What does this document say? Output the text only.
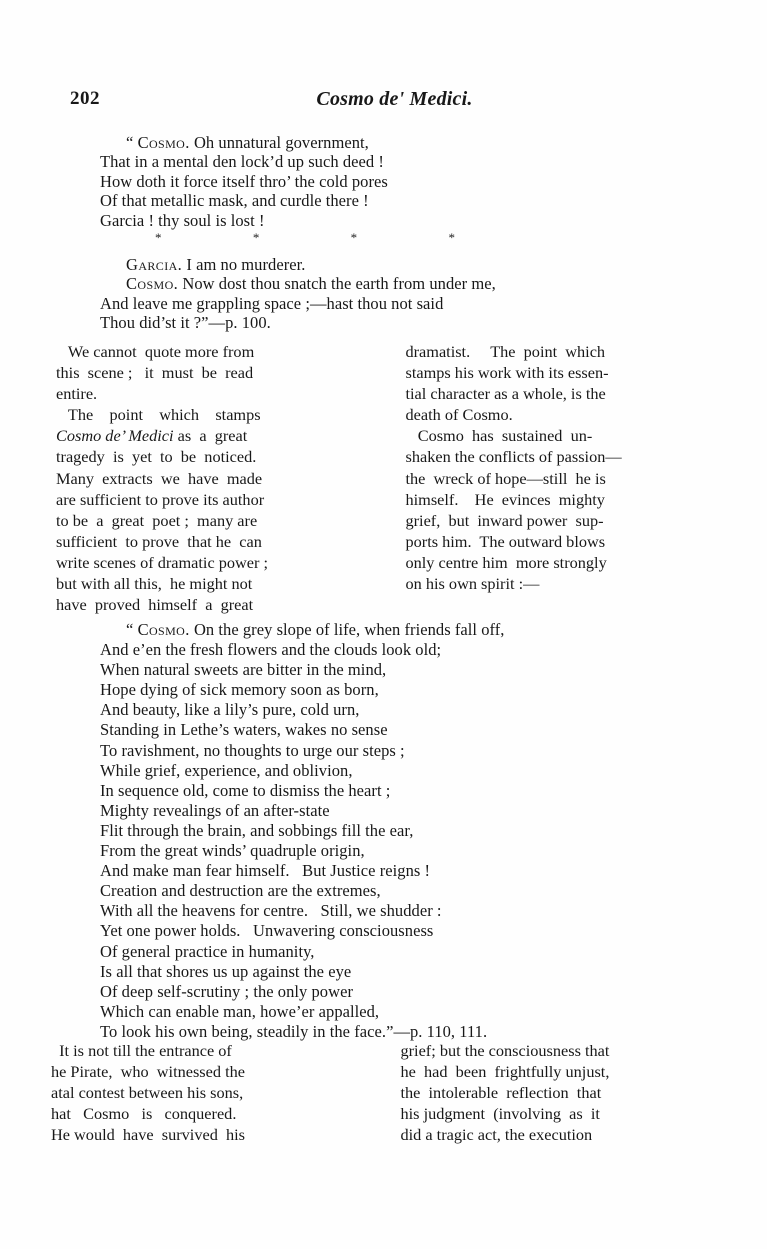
202	Cosmo de' Medici.
“ Cosmo. Oh unnatural government,
That in a mental den lock’d up such deed !
How doth it force itself thro’ the cold pores
Of that metallic mask, and curdle there !
Garcia ! thy soul is lost !
*	*	*	*
Garcia. I am no murderer.
Cosmo. Now dost thou snatch the earth from under me,
And leave me grappling space ;—hast thou not said
Thou did’st it ?”—p. 100.
We cannot  quote more from
this  scene ;   it  must  be  read
entire.
The    point    which    stamps
Cosmo de’ Medici as  a  great
tragedy  is  yet  to  be  noticed.
Many  extracts  we  have  made
are sufficient to prove its author
to be  a  great  poet ;  many are
sufficient  to prove  that he  can
write scenes of dramatic power ;
but with all this,  he might not
have  proved  himself  a  great
dramatist.     The  point  which
stamps his work with its essen-
tial character as a whole, is the
death of Cosmo.
Cosmo  has  sustained  un-
shaken the conflicts of passion—
the  wreck of hope—still  he is
himself.    He  evinces  mighty
grief,  but  inward power  sup-
ports him.  The outward blows
only centre him  more strongly
on his own spirit :—
“ Cosmo. On the grey slope of life, when friends fall off,
And e’en the fresh flowers and the clouds look old;
When natural sweets are bitter in the mind,
Hope dying of sick memory soon as born,
And beauty, like a lily’s pure, cold urn,
Standing in Lethe’s waters, wakes no sense
To ravishment, no thoughts to urge our steps ;
While grief, experience, and oblivion,
In sequence old, come to dismiss the heart ;
Mighty revealings of an after-state
Flit through the brain, and sobbings fill the ear,
From the great winds’ quadruple origin,
And make man fear himself.   But Justice reigns !
Creation and destruction are the extremes,
With all the heavens for centre.   Still, we shudder :
Yet one power holds.   Unwavering consciousness
Of general practice in humanity,
Is all that shores us up against the eye
Of deep self-scrutiny ; the only power
Which can enable man, howe’er appalled,
To look his own being, steadily in the face.”—p. 110, 111.
It is not till the entrance of
he Pirate,  who  witnessed the
atal contest between his sons,
hat   Cosmo   is   conquered.
He would  have  survived  his
grief; but the consciousness that
he  had  been  frightfully unjust,
the  intolerable  reflection  that
his judgment  (involving  as  it
did a tragic act, the execution
